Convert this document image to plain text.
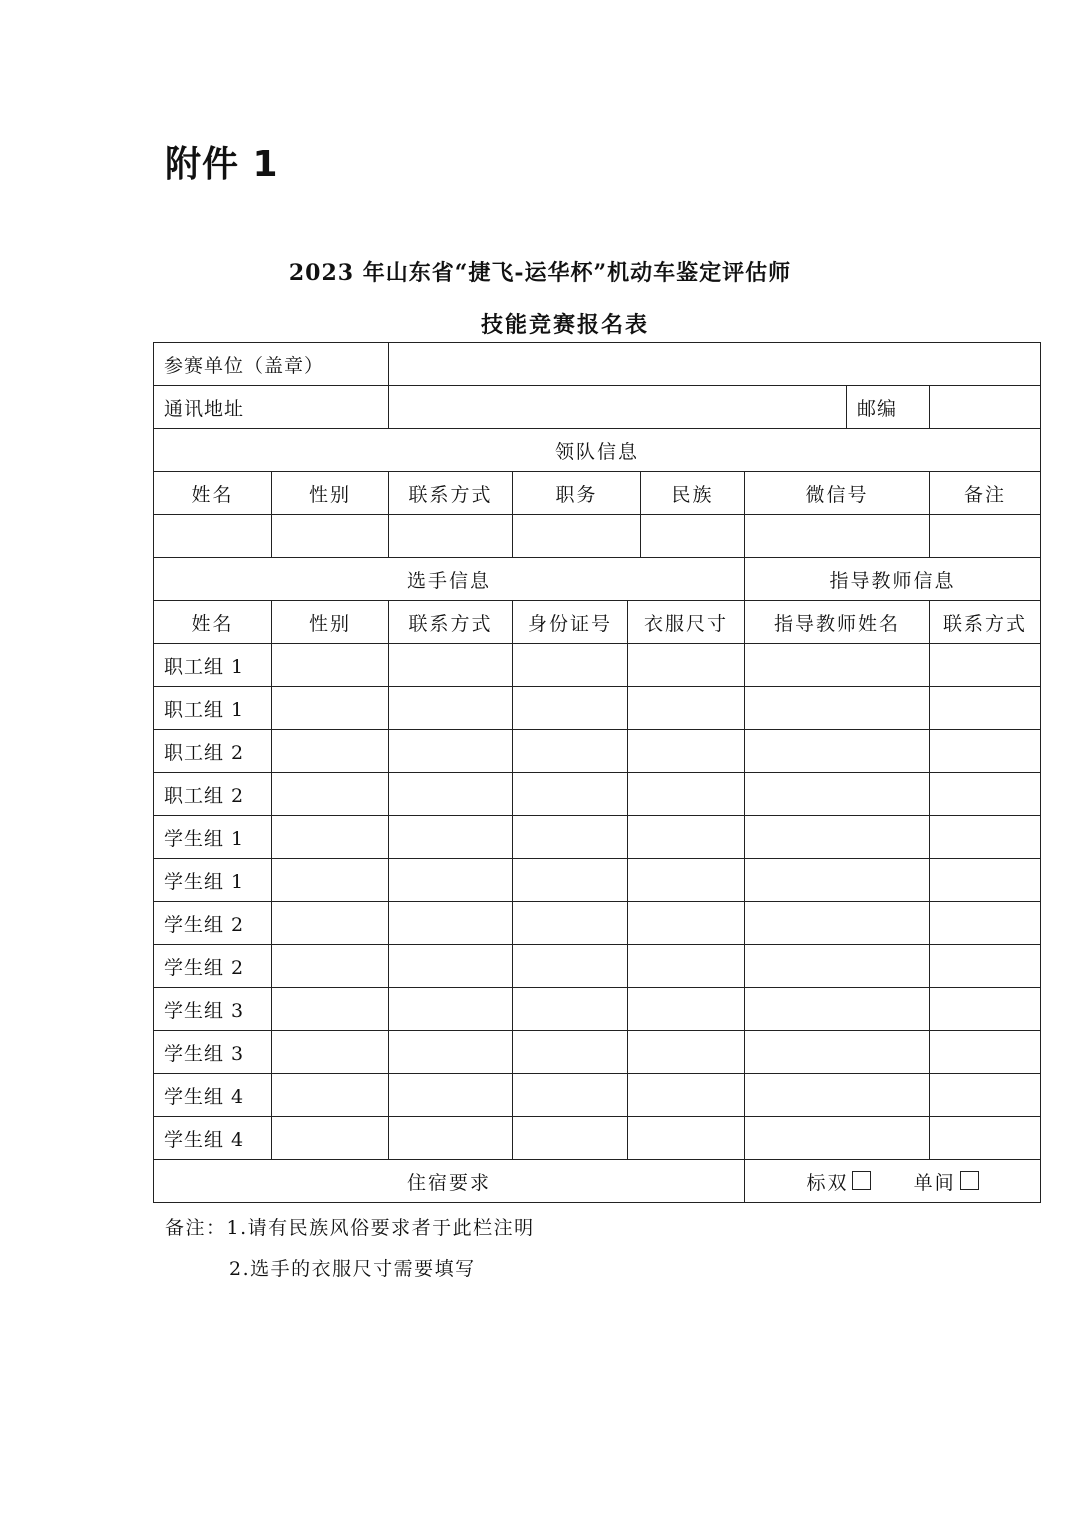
附件 1
2023 年山东省“捷飞-运华杯”机动车鉴定评估师
技能竞赛报名表
参赛单位（盖章）								
通讯地址							邮编	
领队信息								
姓名	性别	联系方式	职务		民族	微信号		备注

选手信息						指导教师信息		
姓名	性别	联系方式	身份证号	衣服尺寸		指导教师姓名		联系方式
职工组 1								
职工组 1								
职工组 2								
职工组 2								
学生组 1								
学生组 1								
学生组 2								
学生组 2								
学生组 3								
学生组 3								
学生组 4								
学生组 4								
住宿要求						标双 单间		
备注：1.请有民族风俗要求者于此栏注明
2.选手的衣服尺寸需要填写
